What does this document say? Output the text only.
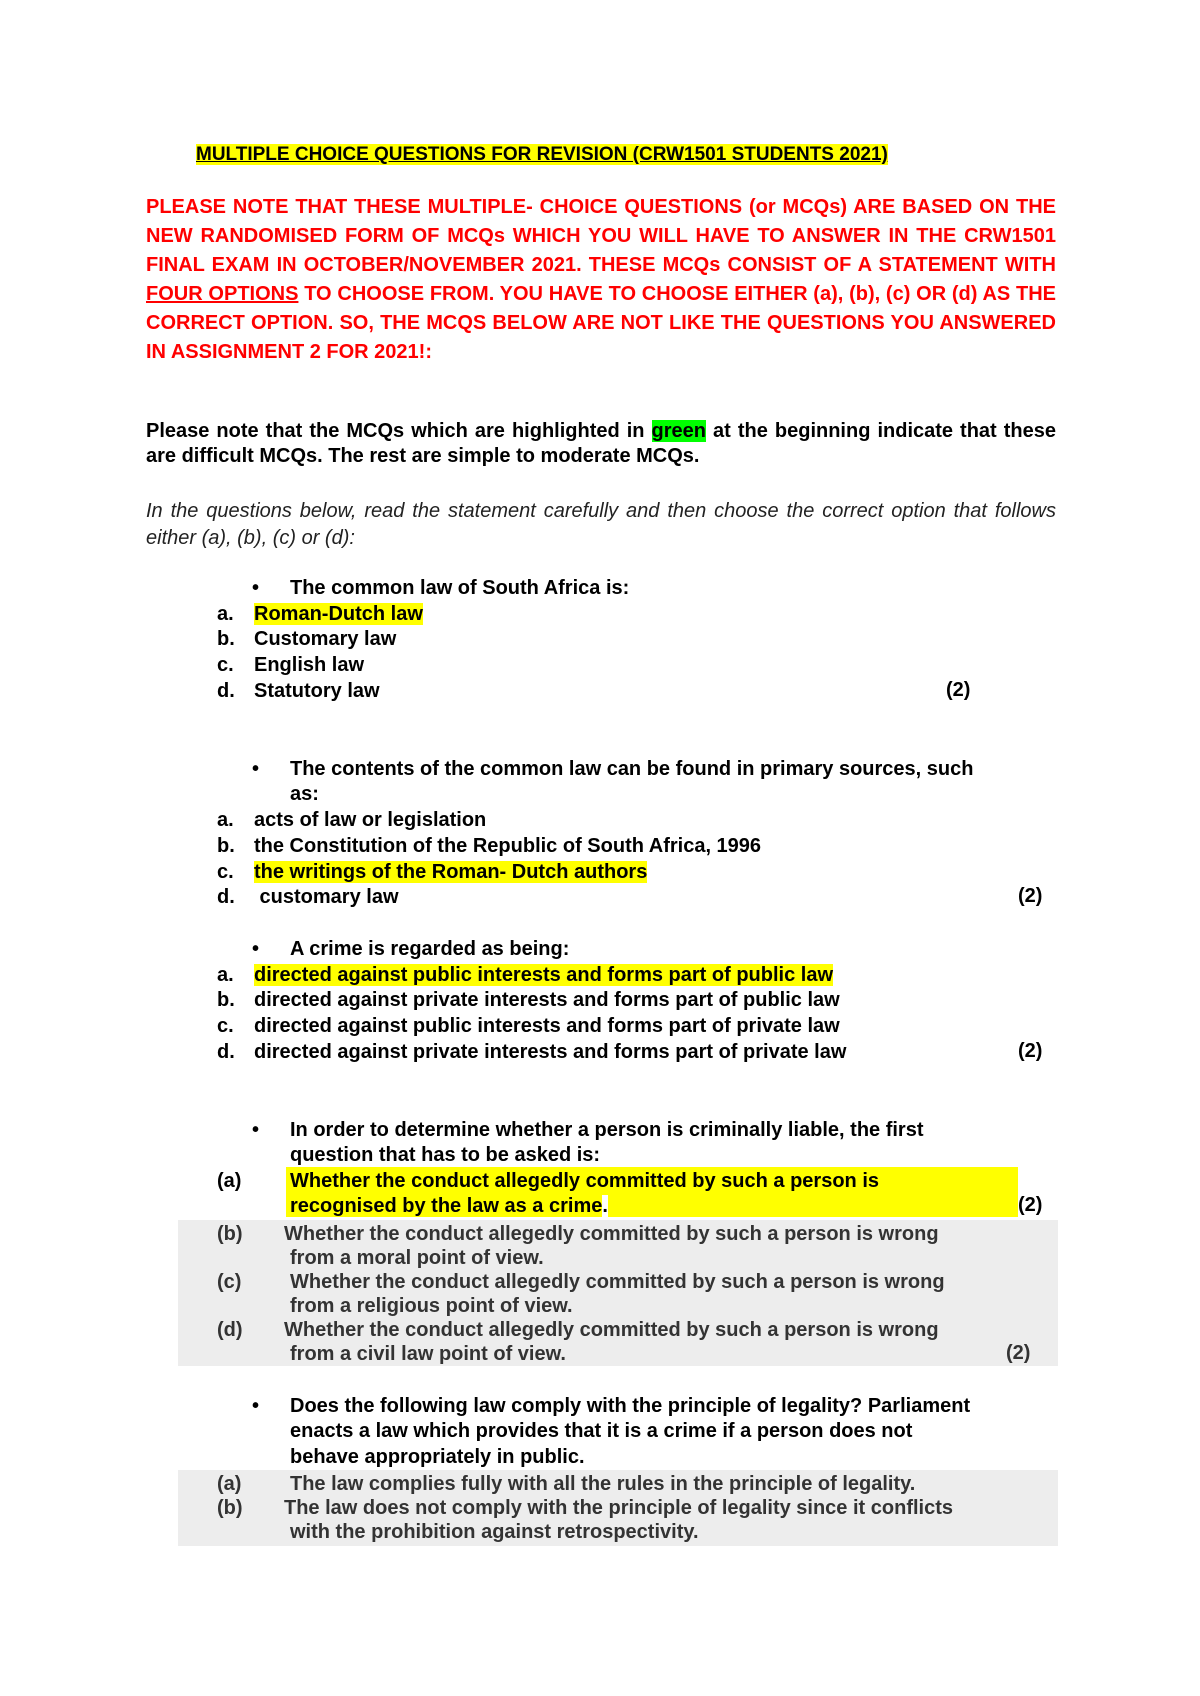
MULTIPLE CHOICE QUESTIONS FOR REVISION (CRW1501 STUDENTS 2021)
PLEASE NOTE THAT THESE MULTIPLE- CHOICE QUESTIONS (or MCQs) ARE BASED ON THE NEW RANDOMISED FORM OF MCQs WHICH YOU WILL HAVE TO ANSWER IN THE CRW1501 FINAL EXAM IN OCTOBER/NOVEMBER 2021. THESE MCQs CONSIST OF A STATEMENT WITH FOUR OPTIONS TO CHOOSE FROM. YOU HAVE TO CHOOSE EITHER (a), (b), (c) OR (d) AS THE CORRECT OPTION. SO, THE MCQS BELOW ARE NOT LIKE THE QUESTIONS YOU ANSWERED IN ASSIGNMENT 2 FOR 2021!:
Please note that the MCQs which are highlighted in green at the beginning indicate that these are difficult MCQs. The rest are simple to moderate MCQs.
In the questions below, read the statement carefully and then choose the correct option that follows either (a), (b), (c) or (d):
• The common law of South Africa is:
a. Roman-Dutch law
b. Customary law
c. English law
d. Statutory law	(2)
• The contents of the common law can be found in primary sources, such
as:
a. acts of law or legislation
b. the Constitution of the Republic of South Africa, 1996
c. the writings of the Roman- Dutch authors
d. customary law	(2)
• A crime is regarded as being:
a. directed against public interests and forms part of public law
b. directed against private interests and forms part of public law
c. directed against public interests and forms part of private law
d. directed against private interests and forms part of private law	(2)
• In order to determine whether a person is criminally liable, the first
question that has to be asked is:
(a) Whether the conduct allegedly committed by such a person is
recognised by the law as a crime.	(2)
(b) Whether the conduct allegedly committed by such a person is wrong
from a moral point of view.
(c) Whether the conduct allegedly committed by such a person is wrong
from a religious point of view.
(d) Whether the conduct allegedly committed by such a person is wrong
from a civil law point of view.	(2)
• Does the following law comply with the principle of legality? Parliament
enacts a law which provides that it is a crime if a person does not
behave appropriately in public.
(a) The law complies fully with all the rules in the principle of legality.
(b) The law does not comply with the principle of legality since it conflicts
with the prohibition against retrospectivity.
